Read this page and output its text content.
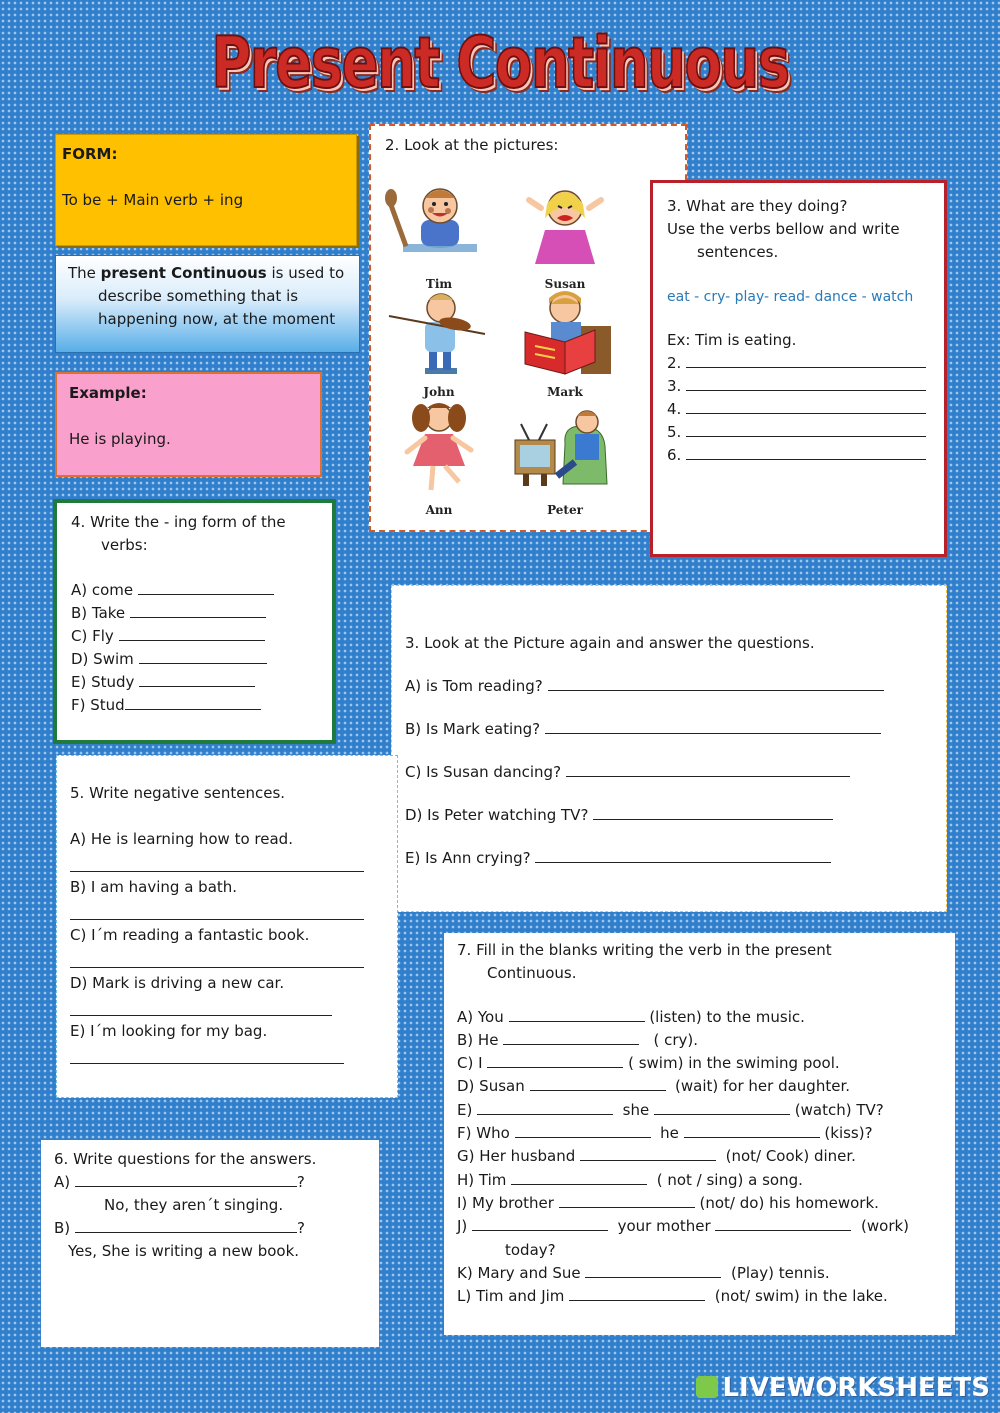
Present Continuous

FORM:

To be + Main verb + ing

The present Continuous is used to

describe something that is

happening now, at the moment

Example:

He is playing.

2. Look at the pictures:

Tim	Susan
John	Mark
Ann	Peter

3. What are they doing?

Use the verbs bellow and write

sentences.

eat - cry- play- read- dance - watch

Ex: Tim is eating.

2.
3.
4.
5.
6.

4. Write the - ing form of the

verbs:

A) come
B) Take
C) Fly
D) Swim
E) Study
F) Stud

3. Look at the Picture again and answer the questions.

A) is Tom reading?
B) Is Mark eating?
C) Is Susan dancing?
D) Is Peter watching TV?
E) Is Ann crying?

5. Write negative sentences.

A) He is learning how to read.

B) I am having a bath.

C) I´m reading a fantastic book.

D) Mark is driving a new car.

E) I´m looking for my bag.

6. Write questions for the answers.

A)	?

No, they aren´t singing.

B)	?

Yes, She is writing a new book.

7. Fill in the blanks writing the verb in the present

Continuous.

A) You	(listen) to the music.
B) He	( cry).
C) I	( swim) in the swiming pool.
D) Susan	(wait) for her daughter.
E)	she	(watch) TV?
F) Who	he	(kiss)?
G) Her husband	(not/ Cook) diner.
H) Tim	( not / sing) a song.
I) My brother	(not/ do) his homework.
J)	your mother	(work)

today?

K) Mary and Sue	(Play) tennis.
L) Tim and Jim	(not/ swim) in the lake.
LIVEWORKSHEETS
